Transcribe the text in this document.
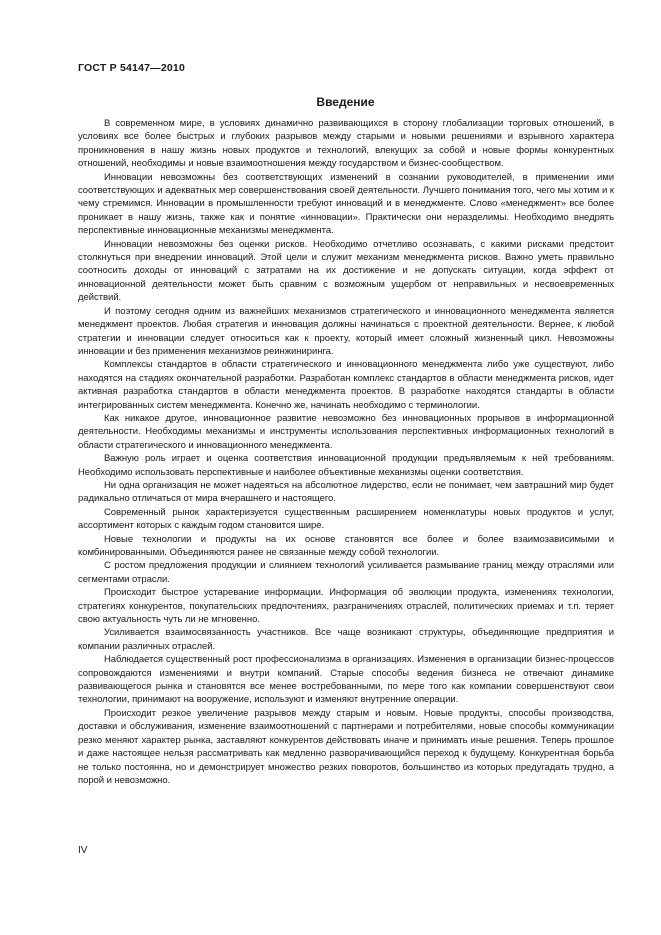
ГОСТ Р 54147—2010
Введение

В современном мире, в условиях динамично развивающихся в сторону глобализации торговых отношений, в условиях все более быстрых и глубоких разрывов между старыми и новыми решениями и взрывного характера проникновения в нашу жизнь новых продуктов и технологий, влекущих за собой и новые формы конкурентных отношений, необходимы и новые взаимоотношения между государством и бизнес-сообществом.

Инновации невозможны без соответствующих изменений в сознании руководителей, в применении ими соответствующих и адекватных мер совершенствования своей деятельности. Лучшего понимания того, чего мы хотим и к чему стремимся. Инновации в промышленности требуют инноваций и в менеджменте. Слово «менеджмент» все более проникает в нашу жизнь, также как и понятие «инновации». Практически они неразделимы. Необходимо внедрять перспективные инновационные механизмы менеджмента.

Инновации невозможны без оценки рисков. Необходимо отчетливо осознавать, с какими рисками предстоит столкнуться при внедрении инноваций. Этой цели и служит механизм менеджмента рисков. Важно уметь правильно соотносить доходы от инноваций с затратами на их достижение и не допускать ситуации, когда эффект от инновационной деятельности может быть сравним с возможным ущербом от неправильных и несвоевременных действий.

И поэтому сегодня одним из важнейших механизмов стратегического и инновационного менеджмента является менеджмент проектов. Любая стратегия и инновация должны начинаться с проектной деятельности. Вернее, к любой стратегии и инновации следует относиться как к проекту, который имеет сложный жизненный цикл. Невозможны инновации и без применения механизмов реинжиниринга.

Комплексы стандартов в области стратегического и инновационного менеджмента либо уже существуют, либо находятся на стадиях окончательной разработки. Разработан комплекс стандартов в области менеджмента рисков, идет активная разработка стандартов в области менеджмента проектов. В разработке находятся стандарты в области интегрированных систем менеджмента. Конечно же, начинать необходимо с терминологии.

Как никакое другое, инновационное развитие невозможно без инновационных прорывов в информационной деятельности. Необходимы механизмы и инструменты использования перспективных информационных технологий в области стратегического и инновационного менеджмента.

Важную роль играет и оценка соответствия инновационной продукции предъявляемым к ней требованиям. Необходимо использовать перспективные и наиболее объективные механизмы оценки соответствия.

Ни одна организация не может надеяться на абсолютное лидерство, если не понимает, чем завтрашний мир будет радикально отличаться от мира вчерашнего и настоящего.

Современный рынок характеризуется существенным расширением номенклатуры новых продуктов и услуг, ассортимент которых с каждым годом становится шире.

Новые технологии и продукты на их основе становятся все более и более взаимозависимыми и комбинированными. Объединяются ранее не связанные между собой технологии.

С ростом предложения продукции и слиянием технологий усиливается размывание границ между отраслями или сегментами отрасли.

Происходит быстрое устаревание информации. Информация об эволюции продукта, изменениях технологии, стратегиях конкурентов, покупательских предпочтениях, разграничениях отраслей, политических приемах и т.п. теряет свою актуальность чуть ли не мгновенно.

Усиливается взаимосвязанность участников. Все чаще возникают структуры, объединяющие предприятия и компании различных отраслей.

Наблюдается существенный рост профессионализма в организациях. Изменения в организации бизнес-процессов сопровождаются изменениями и внутри компаний. Старые способы ведения бизнеса не отвечают динамике развивающегося рынка и становятся все менее востребованными, по мере того как компании совершенствуют свои технологии, принимают на вооружение, используют и изменяют внутренние операции.

Происходит резкое увеличение разрывов между старым и новым. Новые продукты, способы производства, доставки и обслуживания, изменение взаимоотношений с партнерами и потребителями, новые способы коммуникации резко меняют характер рынка, заставляют конкурентов действовать иначе и принимать иные решения. Теперь прошлое и даже настоящее нельзя рассматривать как медленно разворачивающийся переход к будущему. Конкурентная борьба не только постоянна, но и демонстрирует множество резких поворотов, большинство из которых предугадать трудно, а порой и невозможно.

IV
